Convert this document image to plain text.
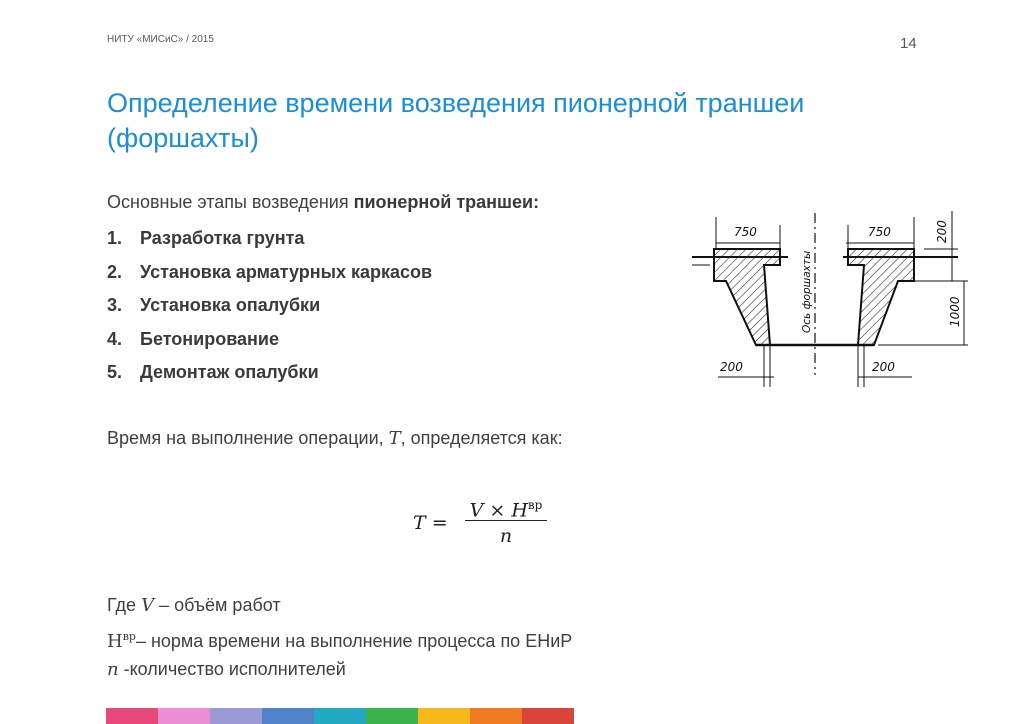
НИТУ «МИСиС» / 2015	14
Определение времени возведения пионерной траншеи (форшахты)
Основные этапы возведения пионерной траншеи:
1. Разработка грунта
2. Установка арматурных каркасов
3. Установка опалубки
4. Бетонирование
5. Демонтаж опалубки
Время на выполнение операции, T, определяется как:
T =
$V \times Н^{вр}$
n
Где V – объём работ
$Н^{вр}-$ норма времени на выполнение процесса по ЕНиР
n -количество исполнителей
750	750	200
1000
200	200
Ось форшахты
